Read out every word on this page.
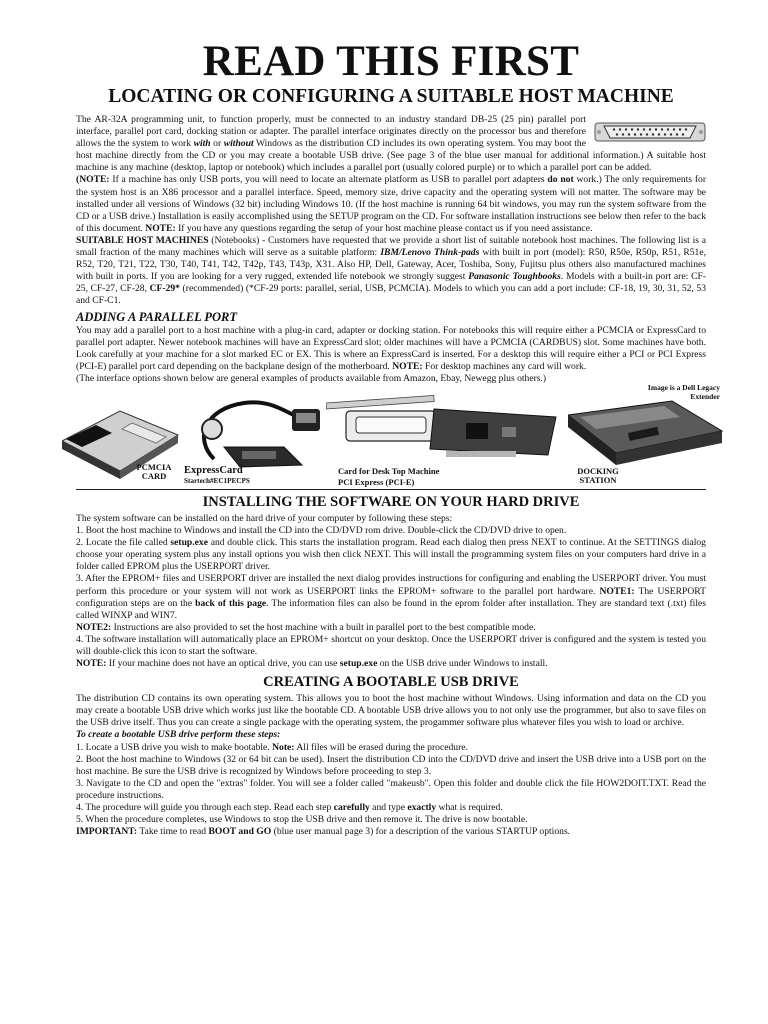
READ THIS FIRST
LOCATING OR CONFIGURING A SUITABLE HOST MACHINE

The AR-32A programming unit, to function properly, must be connected to an industry standard DB-25 (25 pin) parallel port interface, parallel port card, docking station or adapter. The parallel interface originates directly on the processor bus and therefore allows the the system to work with or without Windows as the distribution CD includes its own operating system. You may boot the host machine directly from the CD or you may create a bootable USB drive. (See page 3 of the blue user manual for additional information.) A suitable host machine is any machine (desktop, laptop or notebook) which includes a parallel port (usually colored purple) or to which a parallel port can be added.
(NOTE: If a machine has only USB ports, you will need to locate an alternate platform as USB to parallel port adapters do not work.) The only requirements for the system host is an X86 processor and a parallel interface. Speed, memory size, drive capacity and the operating system will not matter. The software may be installed under all versions of Windows (32 bit) including Windows 10. (If the host machine is running 64 bit windows, you may run the system software from the CD or a USB drive.) Installation is easily accomplished using the SETUP program on the CD. For software installation instructions see below then refer to the back of this document. NOTE: If you have any questions regarding the setup of your host machine please contact us if you need assistance.

SUITABLE HOST MACHINES (Notebooks) - Customers have requested that we provide a short list of suitable notebook host machines. The following list is a small fraction of the many machines which will serve as a suitable platform: IBM/Lenovo Think-pads with built in port (model): R50, R50e, R50p, R51, R51e, R52, T20, T21, T22, T30, T40, T41, T42, T42p, T43, T43p, X31. Also HP, Dell, Gateway, Acer, Toshiba, Sony, Fujitsu plus others also manufactured machines with built in ports. If you are looking for a very rugged, extended life notebook we strongly suggest Panasonic Toughbooks. Models with a built-in port are: CF-25, CF-27, CF-28, CF-29* (recommended) (*CF-29 ports: parallel, serial, USB, PCMCIA). Models to which you can add a port include: CF-18, 19, 30, 31, 52, 53 and CF-C1.

ADDING A PARALLEL PORT

You may add a parallel port to a host machine with a plug-in card, adapter or docking station. For notebooks this will require either a PCMCIA or ExpressCard to parallel port adapter. Newer notebook machines will have an ExpressCard slot; older machines will have a PCMCIA (CARDBUS) slot. Some machines have both. Look carefully at your machine for a slot marked EC or EX. This is where an ExpressCard is inserted. For a desktop this will require either a PCI or PCI Express (PCI-E) parallel port card depending on the backplane design of the motherboard. NOTE: For desktop machines any card will work.
(The interface options shown below are general examples of products available from Amazon, Ebay, Newegg plus others.)

PCMCIA CARD
ExpressCard
Startech#EC1PECPS
Card for Desk Top Machine
PCI Express (PCI-E)
Image is a Dell Legacy Extender
DOCKING STATION
INSTALLING THE SOFTWARE ON YOUR HARD DRIVE

The system software can be installed on the hard drive of your computer by following these steps:

1. Boot the host machine to Windows and install the CD into the CD/DVD rom drive. Double-click the CD/DVD drive to open.

2. Locate the file called setup.exe and double click. This starts the installation program. Read each dialog then press NEXT to continue. At the SETTINGS dialog choose your operating system plus any install options you wish then click NEXT. This will install the programming system files on your computers hard drive in a folder called EPROM plus the USERPORT driver.

3. After the EPROM+ files and USERPORT driver are installed the next dialog provides instructions for configuring and enabling the USERPORT driver. You must perform this procedure or your system will not work as USERPORT links the EPROM+ software to the parallel port hardware. NOTE1: The USERPORT configuration steps are on the back of this page. The information files can also be found in the eprom folder after installation. They are standard text (.txt) files called WINXP and WIN7.

NOTE2: Instructions are also provided to set the host machine with a built in parallel port to the best compatible mode.

4. The software installation will automatically place an EPROM+ shortcut on your desktop. Once the USERPORT driver is configured and the system is tested you will double-click this icon to start the software.

NOTE: If your machine does not have an optical drive, you can use setup.exe on the USB drive under Windows to install.

CREATING A BOOTABLE USB DRIVE

The distribution CD contains its own operating system. This allows you to boot the host machine without Windows. Using information and data on the CD you may create a bootable USB drive which works just like the bootable CD. A bootable USB drive allows you to not only use the programmer, but also to save files on the USB drive itself. Thus you can create a single package with the operating system, the progammer software plus whatever files you wish to load or archive.

To create a bootable USB drive perform these steps:

1. Locate a USB drive you wish to make bootable. Note: All files will be erased during the procedure.

2. Boot the host machine to Windows (32 or 64 bit can be used). Insert the distribution CD into the CD/DVD drive and insert the USB drive into a USB port on the host machine. Be sure the USB drive is recognized by Windows before proceeding to step 3.

3. Navigate to the CD and open the "extras" folder. You will see a folder called "makeusb". Open this folder and double click the file HOW2DOIT.TXT. Read the procedure instructions.

4. The procedure will guide you through each step. Read each step carefully and type exactly what is required.

5. When the procedure completes, use Windows to stop the USB drive and then remove it. The drive is now bootable.

IMPORTANT: Take time to read BOOT and GO (blue user manual page 3) for a description of the various STARTUP options.
